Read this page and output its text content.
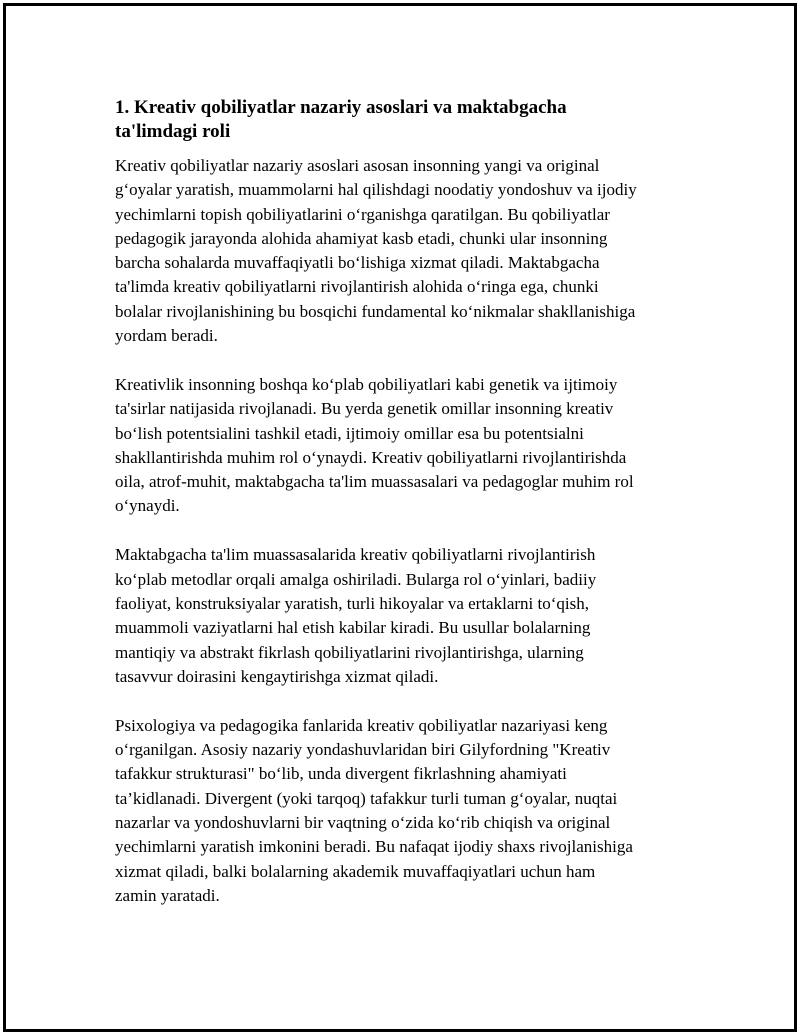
1. Kreativ qobiliyatlar nazariy asoslari va maktabgacha
ta'limdagi roli

Kreativ qobiliyatlar nazariy asoslari asosan insonning yangi va original
g‘oyalar yaratish, muammolarni hal qilishdagi noodatiy yondoshuv va ijodiy
yechimlarni topish qobiliyatlarini o‘rganishga qaratilgan. Bu qobiliyatlar
pedagogik jarayonda alohida ahamiyat kasb etadi, chunki ular insonning
barcha sohalarda muvaffaqiyatli bo‘lishiga xizmat qiladi. Maktabgacha
ta'limda kreativ qobiliyatlarni rivojlantirish alohida o‘ringa ega, chunki
bolalar rivojlanishining bu bosqichi fundamental ko‘nikmalar shakllanishiga
yordam beradi.

Kreativlik insonning boshqa ko‘plab qobiliyatlari kabi genetik va ijtimoiy
ta'sirlar natijasida rivojlanadi. Bu yerda genetik omillar insonning kreativ
bo‘lish potentsialini tashkil etadi, ijtimoiy omillar esa bu potentsialni
shakllantirishda muhim rol o‘ynaydi. Kreativ qobiliyatlarni rivojlantirishda
oila, atrof-muhit, maktabgacha ta'lim muassasalari va pedagoglar muhim rol
o‘ynaydi.

Maktabgacha ta'lim muassasalarida kreativ qobiliyatlarni rivojlantirish
ko‘plab metodlar orqali amalga oshiriladi. Bularga rol o‘yinlari, badiiy
faoliyat, konstruksiyalar yaratish, turli hikoyalar va ertaklarni to‘qish,
muammoli vaziyatlarni hal etish kabilar kiradi. Bu usullar bolalarning
mantiqiy va abstrakt fikrlash qobiliyatlarini rivojlantirishga, ularning
tasavvur doirasini kengaytirishga xizmat qiladi.

Psixologiya va pedagogika fanlarida kreativ qobiliyatlar nazariyasi keng
o‘rganilgan. Asosiy nazariy yondashuvlaridan biri Gilyfordning "Kreativ
tafakkur strukturasi" bo‘lib, unda divergent fikrlashning ahamiyati
ta’kidlanadi. Divergent (yoki tarqoq) tafakkur turli tuman g‘oyalar, nuqtai
nazarlar va yondoshuvlarni bir vaqtning o‘zida ko‘rib chiqish va original
yechimlarni yaratish imkonini beradi. Bu nafaqat ijodiy shaxs rivojlanishiga
xizmat qiladi, balki bolalarning akademik muvaffaqiyatlari uchun ham
zamin yaratadi.
